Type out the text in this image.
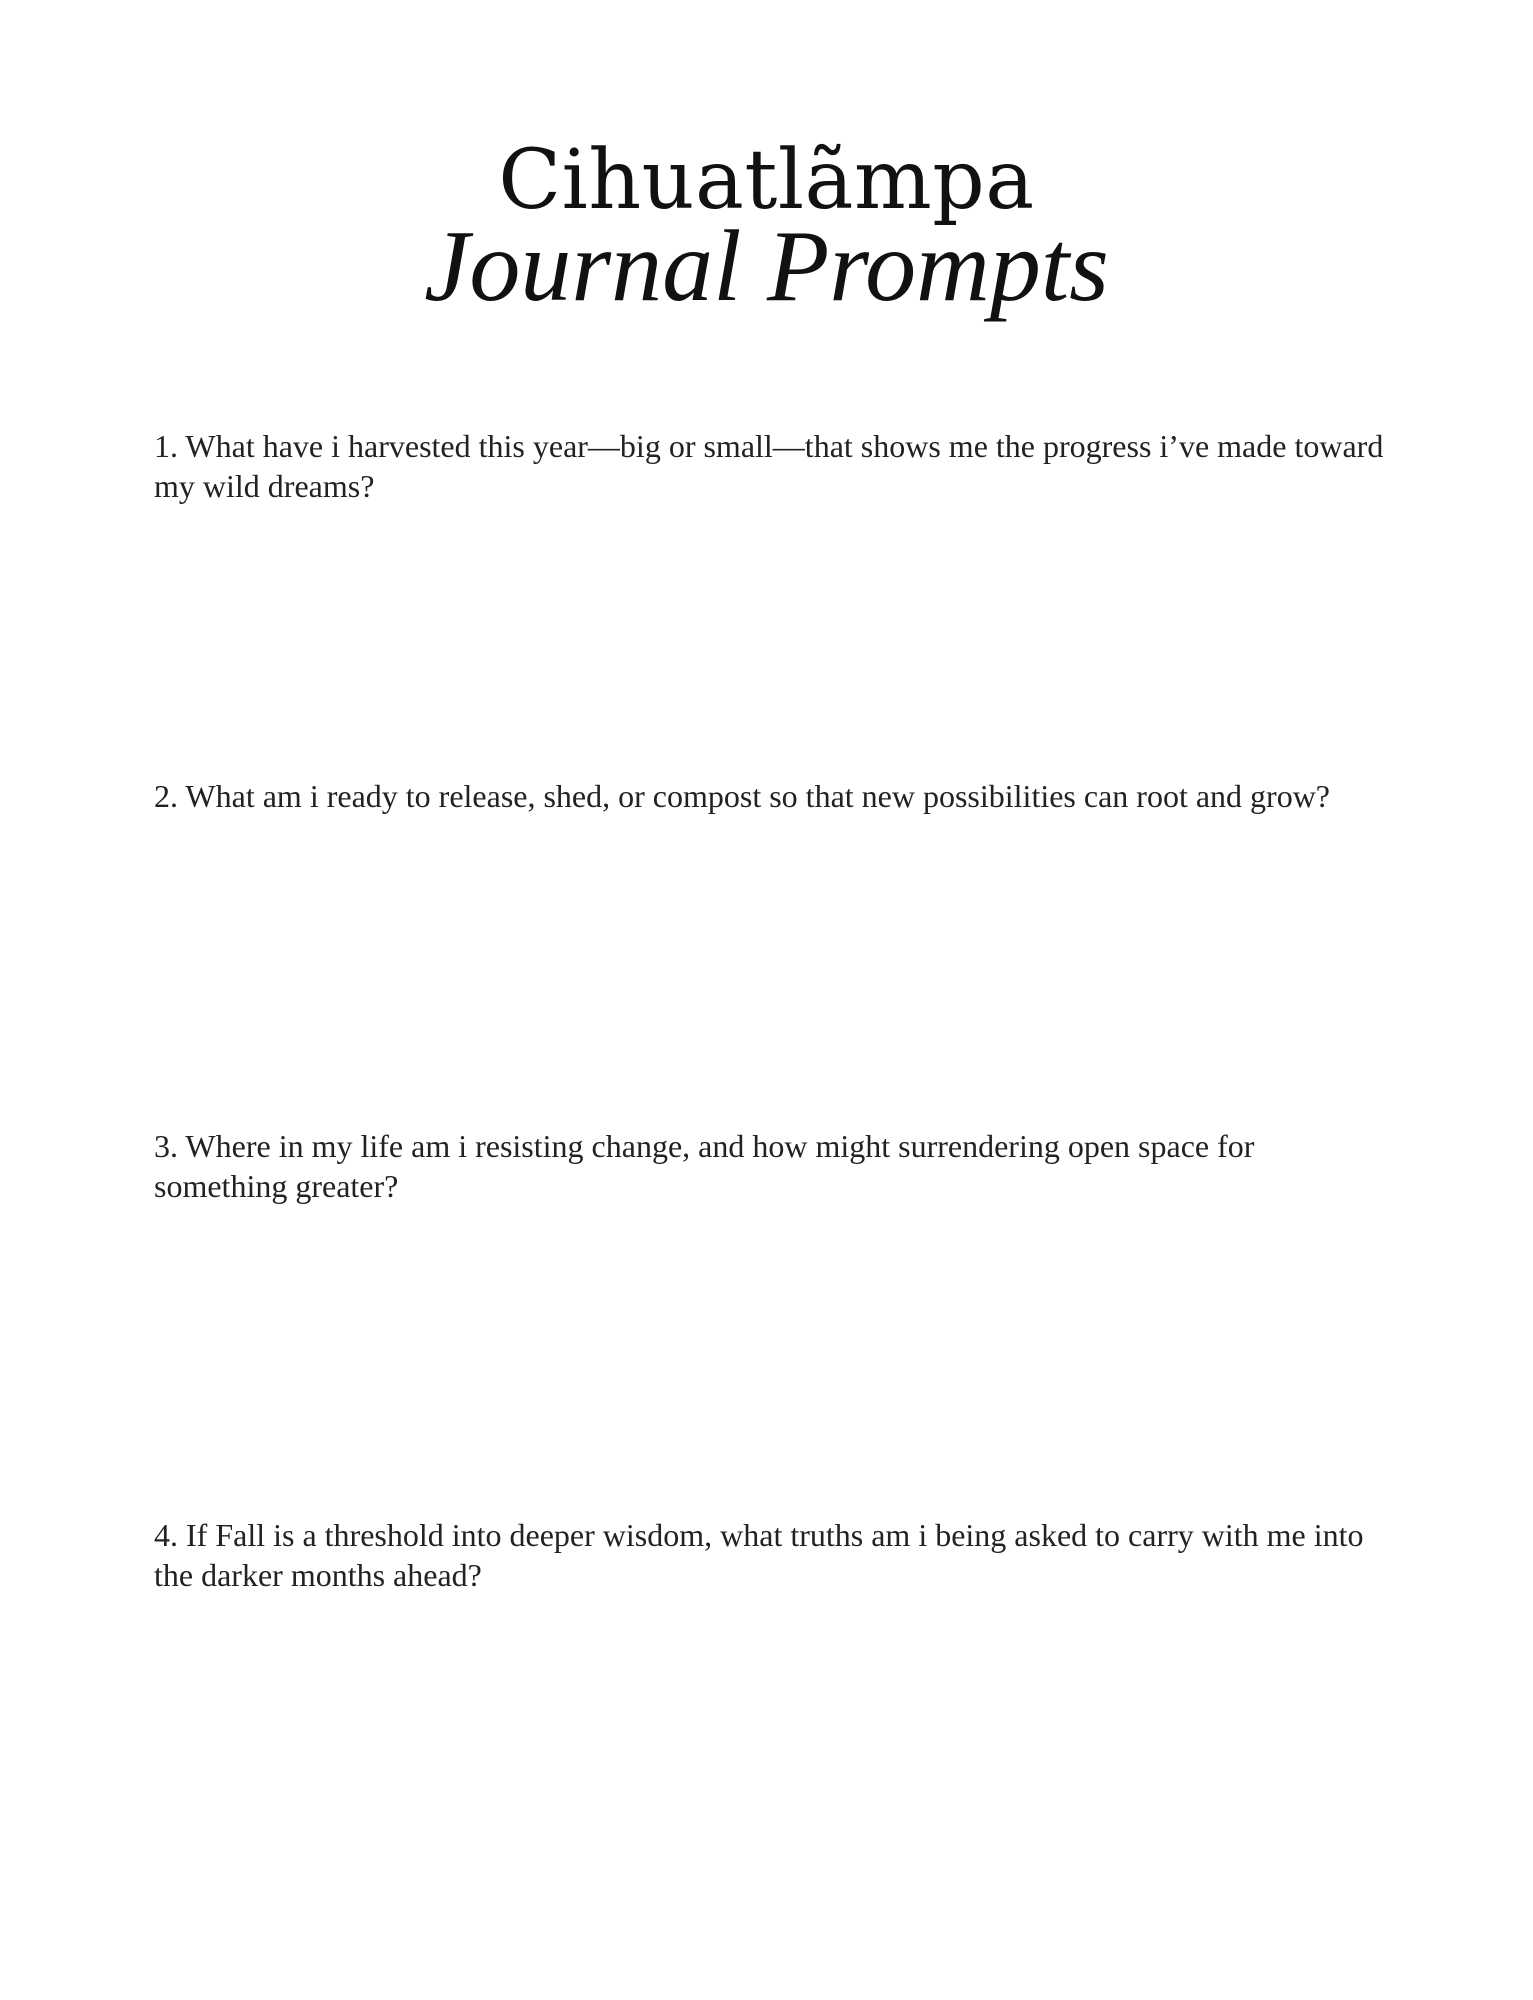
Cihuatlãmpa
Journal Prompts

1. What have i harvested this year—big or small—that shows me the progress i’ve made toward my wild dreams?

2. What am i ready to release, shed, or compost so that new possibilities can root and grow?

3. Where in my life am i resisting change, and how might surrendering open space for something greater?

4. If Fall is a threshold into deeper wisdom, what truths am i being asked to carry with me into the darker months ahead?
